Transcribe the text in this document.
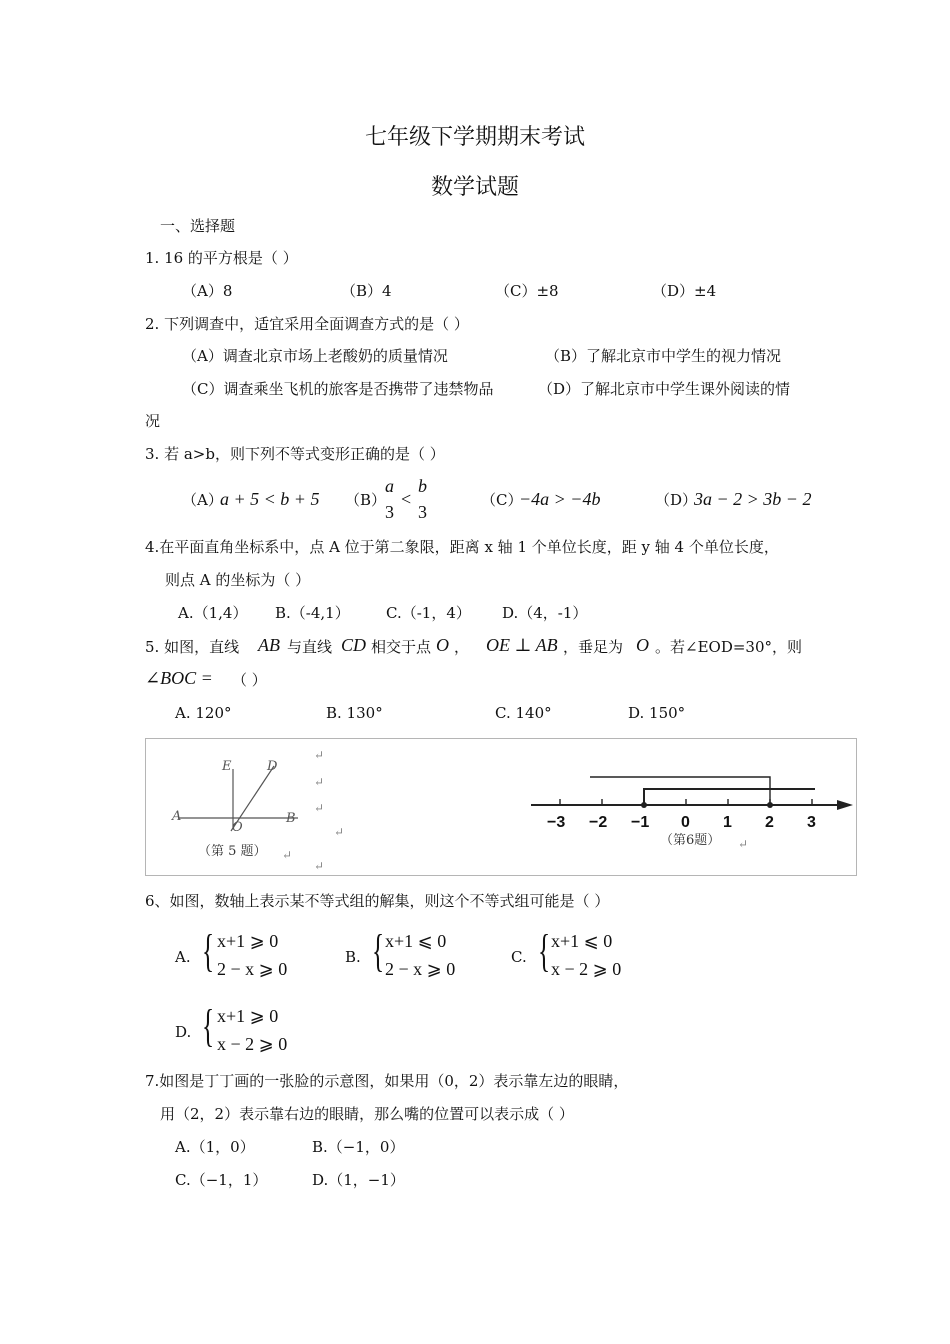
七年级下学期期末考试
数学试题
一、选择题
1. 16 的平方根是（ ）
（A）8	（B）4	（C）±8	（D）±4
2. 下列调查中，适宜采用全面调查方式的是（ ）
（A）调查北京市场上老酸奶的质量情况	（B）了解北京市中学生的视力情况
（C）调查乘坐飞机的旅客是否携带了违禁物品	（D）了解北京市中学生课外阅读的情
况
3. 若 a>b，则下列不等式变形正确的是（ ）
（A）
a + 5 < b + 5 （B）
a
3
<
b
3
（C）
−4a > −4b	（D）
3a − 2 > 3b − 2
4.在平面直角坐标系中，点 A 位于第二象限，距离 x 轴 1 个单位长度，距 y 轴 4 个单位长度，
则点 A 的坐标为（ ）
A.（1,4） B.（-4,1） C.（-1，4） D.（4，-1）
5. 如图，直线 AB 与直线 CD 相交于点 O ， OE ⊥ AB ，垂足为 O 。若∠EOD=30°，则
∠BOC = （ ）
A. 120°	B. 130°	C. 140°	D. 150°
E	D
A
O
B
（第 5 题）
↵
↵
↵
↵
↵
↵
↵
−3 −2 −1 0 1 2 3
（第6题）
6、如图，数轴上表示某不等式组的解集，则这个不等式组可能是（ ）
A. { x+1 ⩾ 0
2 − x ⩾ 0
B. { x+1 ⩽ 0
2 − x ⩾ 0
C. { x+1 ⩽ 0
x − 2 ⩾ 0
D. { x+1 ⩾ 0
x − 2 ⩾ 0
7.如图是丁丁画的一张脸的示意图，如果用（0，2）表示靠左边的眼睛，
用（2，2）表示靠右边的眼睛，那么嘴的位置可以表示成（ ）
A.（1，0）	B.（−1，0）
C.（−1，1）	D.（1，−1）
